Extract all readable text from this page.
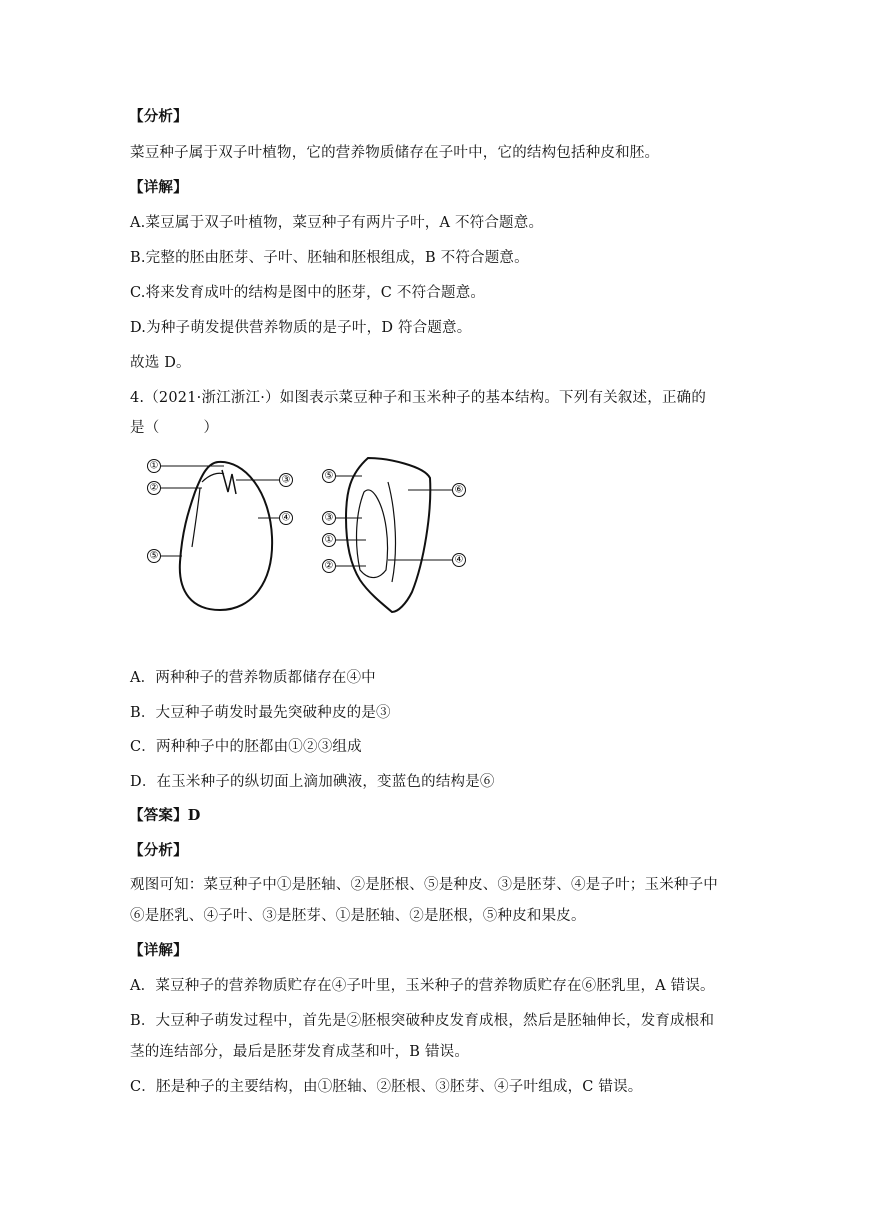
【分析】
菜豆种子属于双子叶植物，它的营养物质储存在子叶中，它的结构包括种皮和胚。
【详解】
A.菜豆属于双子叶植物，菜豆种子有两片子叶，A 不符合题意。
B.完整的胚由胚芽、子叶、胚轴和胚根组成，B 不符合题意。
C.将来发育成叶的结构是图中的胚芽，C 不符合题意。
D.为种子萌发提供营养物质的是子叶，D 符合题意。
故选 D。
4.（2021·浙江浙江·）如图表示菜豆种子和玉米种子的基本结构。下列有关叙述，正确的
是（　　　）
①
②
③
④
⑤
⑤
⑥
③
①
④
②
A．两种种子的营养物质都储存在④中
B．大豆种子萌发时最先突破种皮的是③
C．两种种子中的胚都由①②③组成
D．在玉米种子的纵切面上滴加碘液，变蓝色的结构是⑥
【答案】D
【分析】
观图可知：菜豆种子中①是胚轴、②是胚根、⑤是种皮、③是胚芽、④是子叶；玉米种子中
⑥是胚乳、④子叶、③是胚芽、①是胚轴、②是胚根，⑤种皮和果皮。
【详解】
A．菜豆种子的营养物质贮存在④子叶里，玉米种子的营养物质贮存在⑥胚乳里，A 错误。
B．大豆种子萌发过程中，首先是②胚根突破种皮发育成根，然后是胚轴伸长，发育成根和
茎的连结部分，最后是胚芽发育成茎和叶，B 错误。
C．胚是种子的主要结构，由①胚轴、②胚根、③胚芽、④子叶组成，C 错误。
